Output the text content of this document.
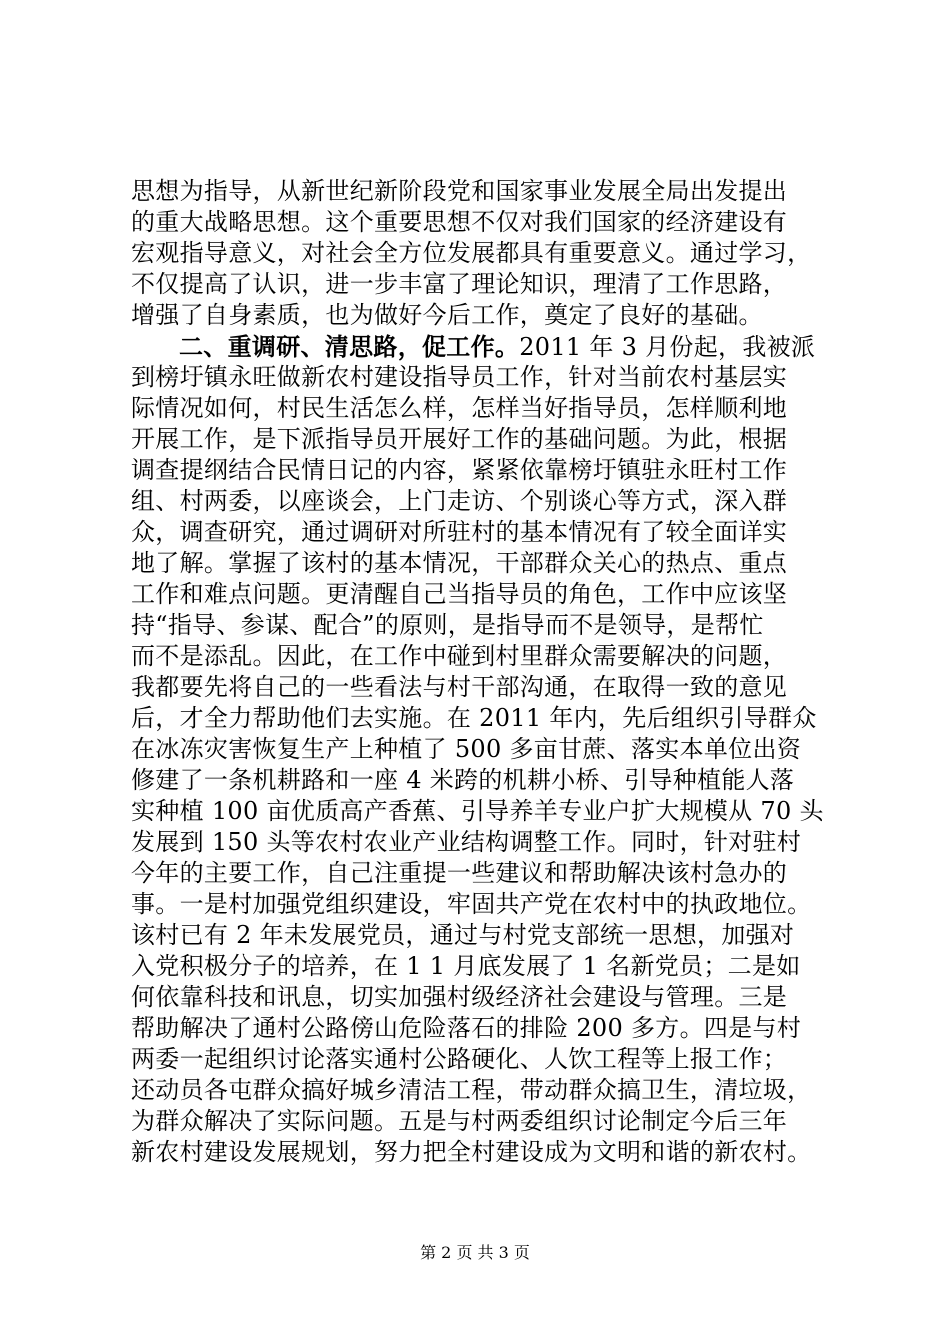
思想为指导，从新世纪新阶段党和国家事业发展全局出发提出
的重大战略思想。这个重要思想不仅对我们国家的经济建设有
宏观指导意义，对社会全方位发展都具有重要意义。通过学习，
不仅提高了认识，进一步丰富了理论知识，理清了工作思路，
增强了自身素质，也为做好今后工作，奠定了良好的基础。
二、重调研、清思路，促工作。2011 年 3 月份起，我被派
到榜圩镇永旺做新农村建设指导员工作，针对当前农村基层实
际情况如何，村民生活怎么样，怎样当好指导员，怎样顺利地
开展工作，是下派指导员开展好工作的基础问题。为此，根据
调查提纲结合民情日记的内容，紧紧依靠榜圩镇驻永旺村工作
组、村两委，以座谈会，上门走访、个别谈心等方式，深入群
众，调查研究，通过调研对所驻村的基本情况有了较全面详实
地了解。掌握了该村的基本情况，干部群众关心的热点、重点
工作和难点问题。更清醒自己当指导员的角色，工作中应该坚
持“指导、参谋、配合”的原则，是指导而不是领导，是帮忙
而不是添乱。因此，在工作中碰到村里群众需要解决的问题，
我都要先将自己的一些看法与村干部沟通，在取得一致的意见
后，才全力帮助他们去实施。在 2011 年内，先后组织引导群众
在冰冻灾害恢复生产上种植了 500 多亩甘蔗、落实本单位出资
修建了一条机耕路和一座 4 米跨的机耕小桥、引导种植能人落
实种植 100 亩优质高产香蕉、引导养羊专业户扩大规模从 70 头
发展到 150 头等农村农业产业结构调整工作。同时，针对驻村
今年的主要工作，自己注重提一些建议和帮助解决该村急办的
事。一是村加强党组织建设，牢固共产党在农村中的执政地位。
该村已有 2 年未发展党员，通过与村党支部统一思想，加强对
入党积极分子的培养，在 1 1 月底发展了 1 名新党员；二是如
何依靠科技和讯息，切实加强村级经济社会建设与管理。三是
帮助解决了通村公路傍山危险落石的排险 200 多方。四是与村
两委一起组织讨论落实通村公路硬化、人饮工程等上报工作；
还动员各屯群众搞好城乡清洁工程，带动群众搞卫生，清垃圾，
为群众解决了实际问题。五是与村两委组织讨论制定今后三年
新农村建设发展规划，努力把全村建设成为文明和谐的新农村。
第 2 页 共 3 页
